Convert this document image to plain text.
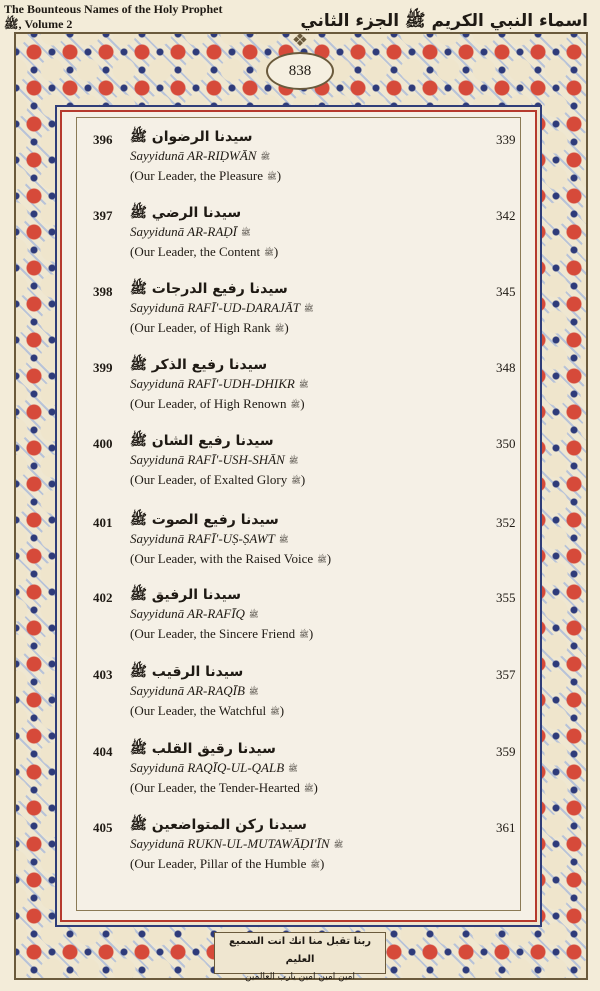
The Bounteous Names of the Holy Prophet
ﷺ, Volume 2	اسماء النبي الكريم ﷺ الجزء الثاني
❖
838
396 سيدنا الرضوان ﷺ
Sayyidunā AR-RIḌWĀN ﷺ
(Our Leader, the Pleasure ﷺ)
339
397 سيدنا الرضي ﷺ
Sayyidunā AR-RAḌĪ ﷺ
(Our Leader, the Content ﷺ)
342
398 سيدنا رفيع الدرجات ﷺ
Sayyidunā RAFĪ'-UD-DARAJĀT ﷺ
(Our Leader, of High Rank ﷺ)
345
399 سيدنا رفيع الذكر ﷺ
Sayyidunā RAFĪ'-UDH-DHIKR ﷺ
(Our Leader, of High Renown ﷺ)
348
400 سيدنا رفيع الشان ﷺ
Sayyidunā RAFĪ'-USH-SHĀN ﷺ
(Our Leader, of Exalted Glory ﷺ)
350
401 سيدنا رفيع الصوت ﷺ
Sayyidunā RAFĪ'-UṢ-ṢAWT ﷺ
(Our Leader, with the Raised Voice ﷺ)
352
402 سيدنا الرفيق ﷺ
Sayyidunā AR-RAFĪQ ﷺ
(Our Leader, the Sincere Friend ﷺ)
355
403 سيدنا الرقيب ﷺ
Sayyidunā AR-RAQĪB ﷺ
(Our Leader, the Watchful ﷺ)
357
404 سيدنا رقيق القلب ﷺ
Sayyidunā RAQĪQ-UL-QALB ﷺ
(Our Leader, the Tender-Hearted ﷺ)
359
405 سيدنا ركن المتواضعين ﷺ
Sayyidunā RUKN-UL-MUTAWĀḌI'ĪN ﷺ
(Our Leader, Pillar of the Humble ﷺ)
361
ربنا تقبل منا انك انت السميع العليم
امين امين امين يارب العالمين
